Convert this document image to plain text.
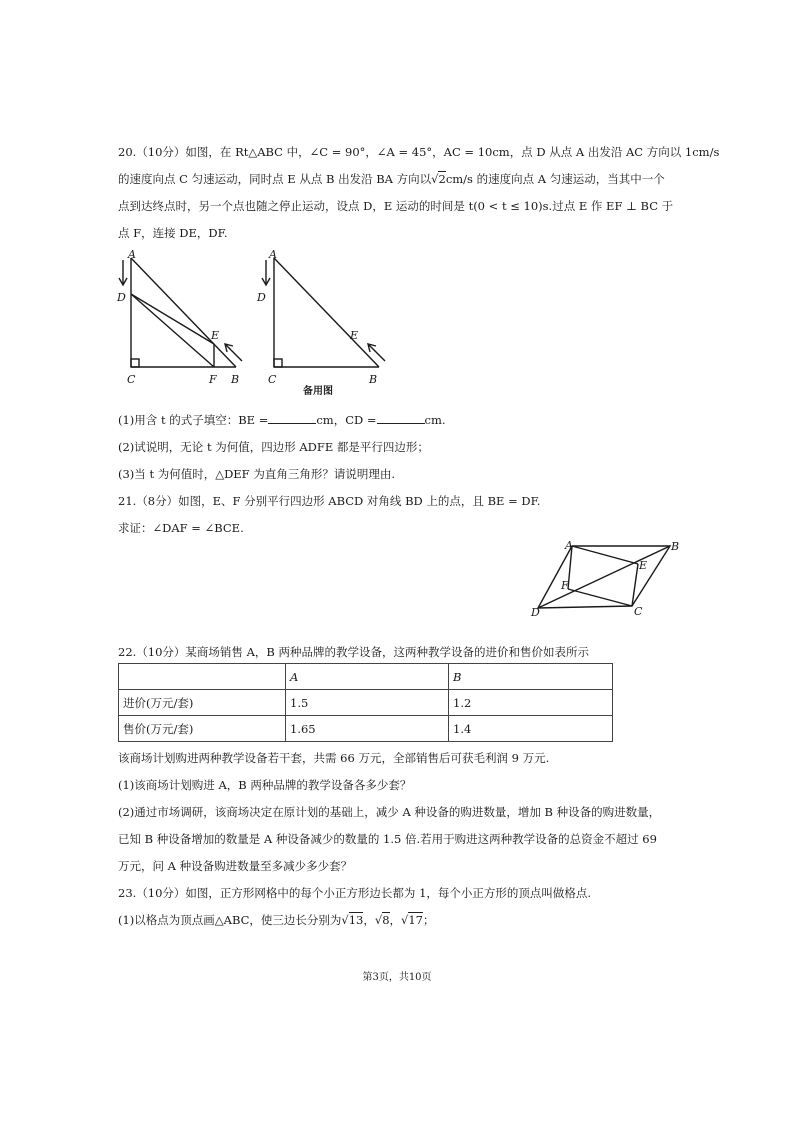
20.（10分）如图，在 Rt△ABC 中，∠C = 90°，∠A = 45°，AC = 10cm，点 D 从点 A 出发沿 AC 方向以 1cm/s
的速度向点 C 匀速运动，同时点 E 从点 B 出发沿 BA 方向以√2cm/s 的速度向点 A 匀速运动，当其中一个
点到达终点时，另一个点也随之停止运动，设点 D，E 运动的时间是 t(0 < t ≤ 10)s.过点 E 作 EF ⊥ BC 于
点 F，连接 DE，DF.
A
D
E
C	F B
A
D
E
C	B
备用图
(1)用含 t 的式子填空：BE =	cm，CD =	cm.
(2)试说明，无论 t 为何值，四边形 ADFE 都是平行四边形；
(3)当 t 为何值时，△DEF 为直角三角形？请说明理由.
21.（8分）如图，E、F 分别平行四边形 ABCD 对角线 BD 上的点，且 BE = DF.
求证：∠DAF = ∠BCE.
A	B
E
F
C
D
22.（10分）某商场销售 A，B 两种品牌的教学设备，这两种教学设备的进价和售价如表所示
	A	B
进价(万元/套)	1.5	1.2
售价(万元/套)	1.65	1.4
该商场计划购进两种教学设备若干套，共需 66 万元，全部销售后可获毛利润 9 万元.
(1)该商场计划购进 A，B 两种品牌的教学设备各多少套？
(2)通过市场调研，该商场决定在原计划的基础上，减少 A 种设备的购进数量，增加 B 种设备的购进数量，
已知 B 种设备增加的数量是 A 种设备减少的数量的 1.5 倍.若用于购进这两种教学设备的总资金不超过 69
万元，问 A 种设备购进数量至多减少多少套？
23.（10分）如图，正方形网格中的每个小正方形边长都为 1，每个小正方形的顶点叫做格点.
(1)以格点为顶点画△ABC，使三边长分别为√13，√8，√17；
第3页，共10页
